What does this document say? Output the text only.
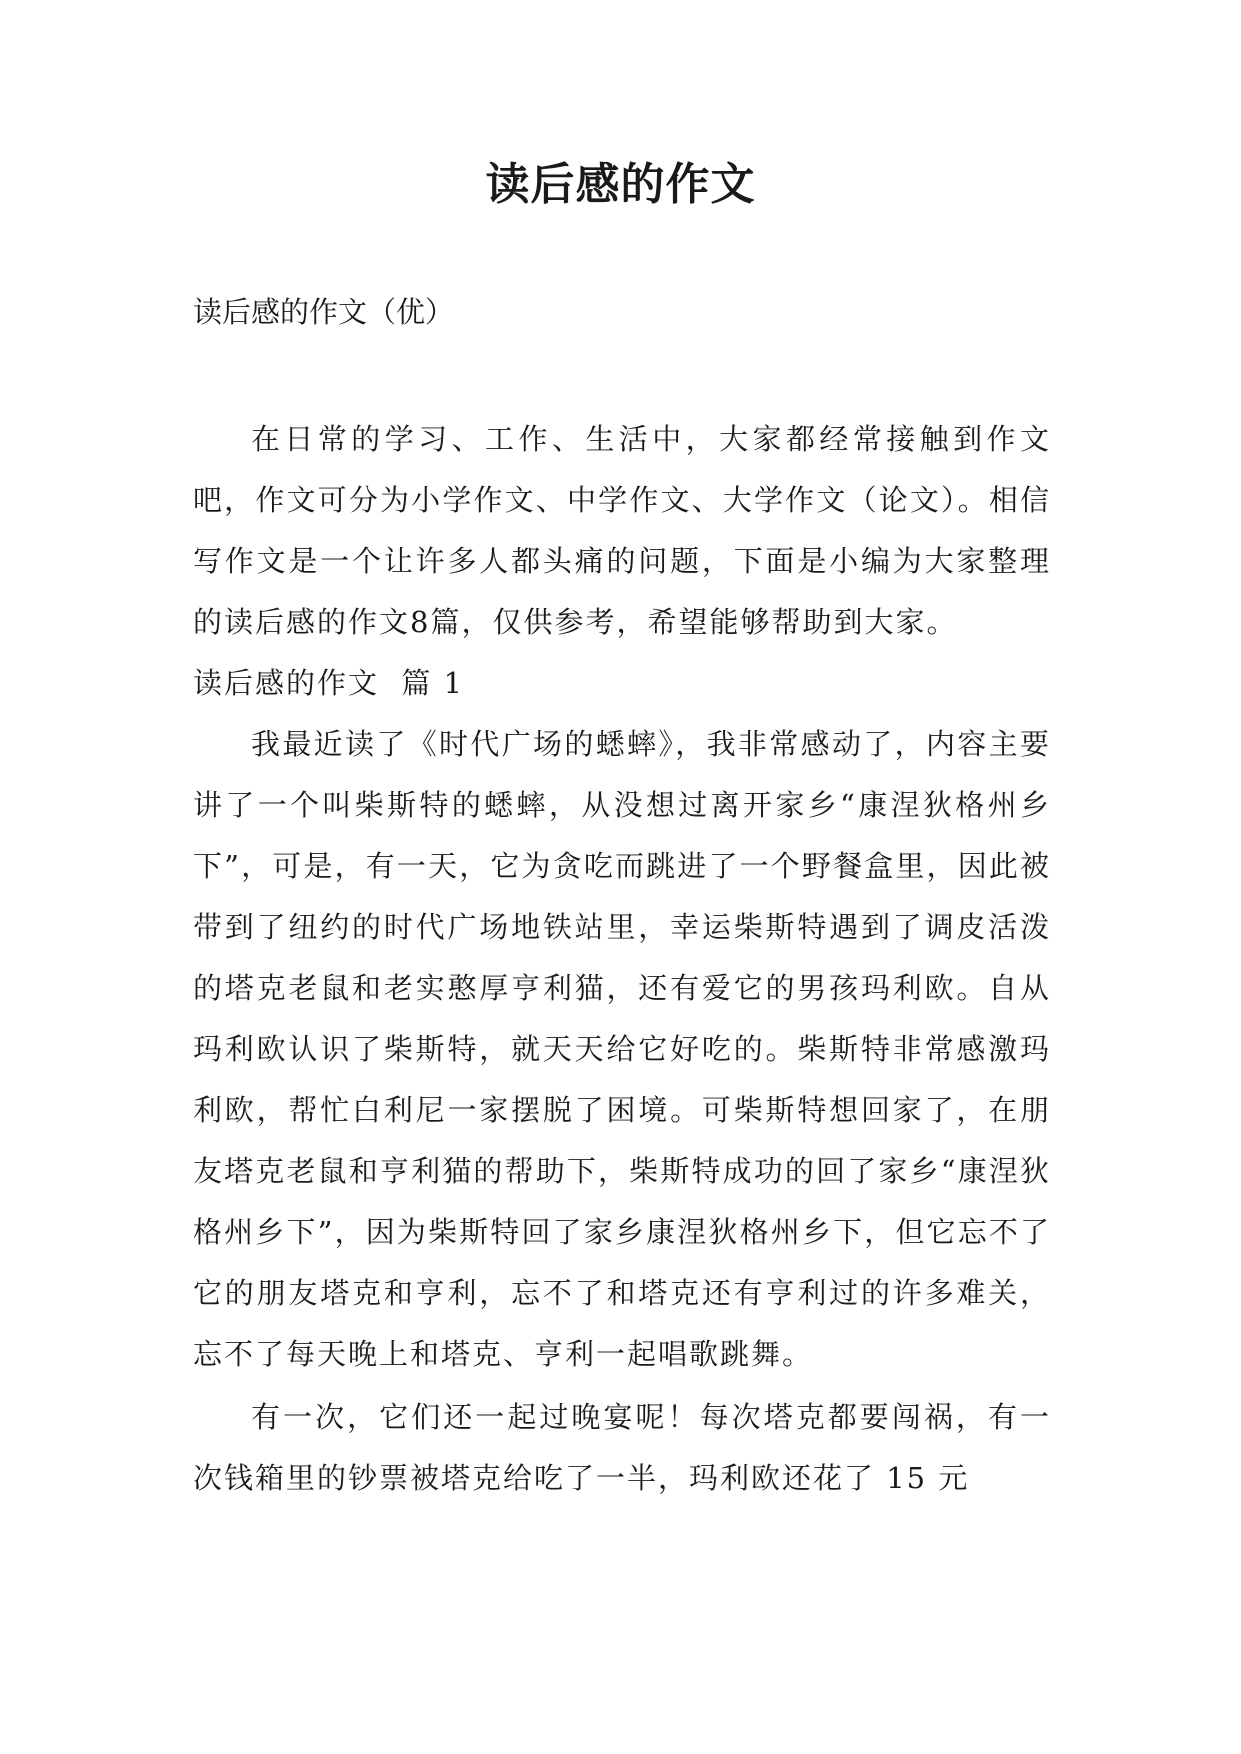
读后感的作文

读后感的作文（优）

在日常的学习、工作、生活中，大家都经常接触到作文吧，作文可分为小学作文、中学作文、大学作文（论文）。相信写作文是一个让许多人都头痛的问题，下面是小编为大家整理的读后感的作文8篇，仅供参考，希望能够帮助到大家。

读后感的作文  篇 1

我最近读了《时代广场的蟋蟀》，我非常感动了，内容主要讲了一个叫柴斯特的蟋蟀，从没想过离开家乡“康涅狄格州乡下”，可是，有一天，它为贪吃而跳进了一个野餐盒里，因此被带到了纽约的时代广场地铁站里，幸运柴斯特遇到了调皮活泼的塔克老鼠和老实憨厚亨利猫，还有爱它的男孩玛利欧。自从玛利欧认识了柴斯特，就天天给它好吃的。柴斯特非常感激玛利欧，帮忙白利尼一家摆脱了困境。可柴斯特想回家了，在朋友塔克老鼠和亨利猫的帮助下，柴斯特成功的回了家乡“康涅狄格州乡下”，因为柴斯特回了家乡康涅狄格州乡下，但它忘不了它的朋友塔克和亨利，忘不了和塔克还有亨利过的许多难关，忘不了每天晚上和塔克、亨利一起唱歌跳舞。

有一次，它们还一起过晚宴呢！每次塔克都要闯祸，有一次钱箱里的钞票被塔克给吃了一半，玛利欧还花了 15 元
